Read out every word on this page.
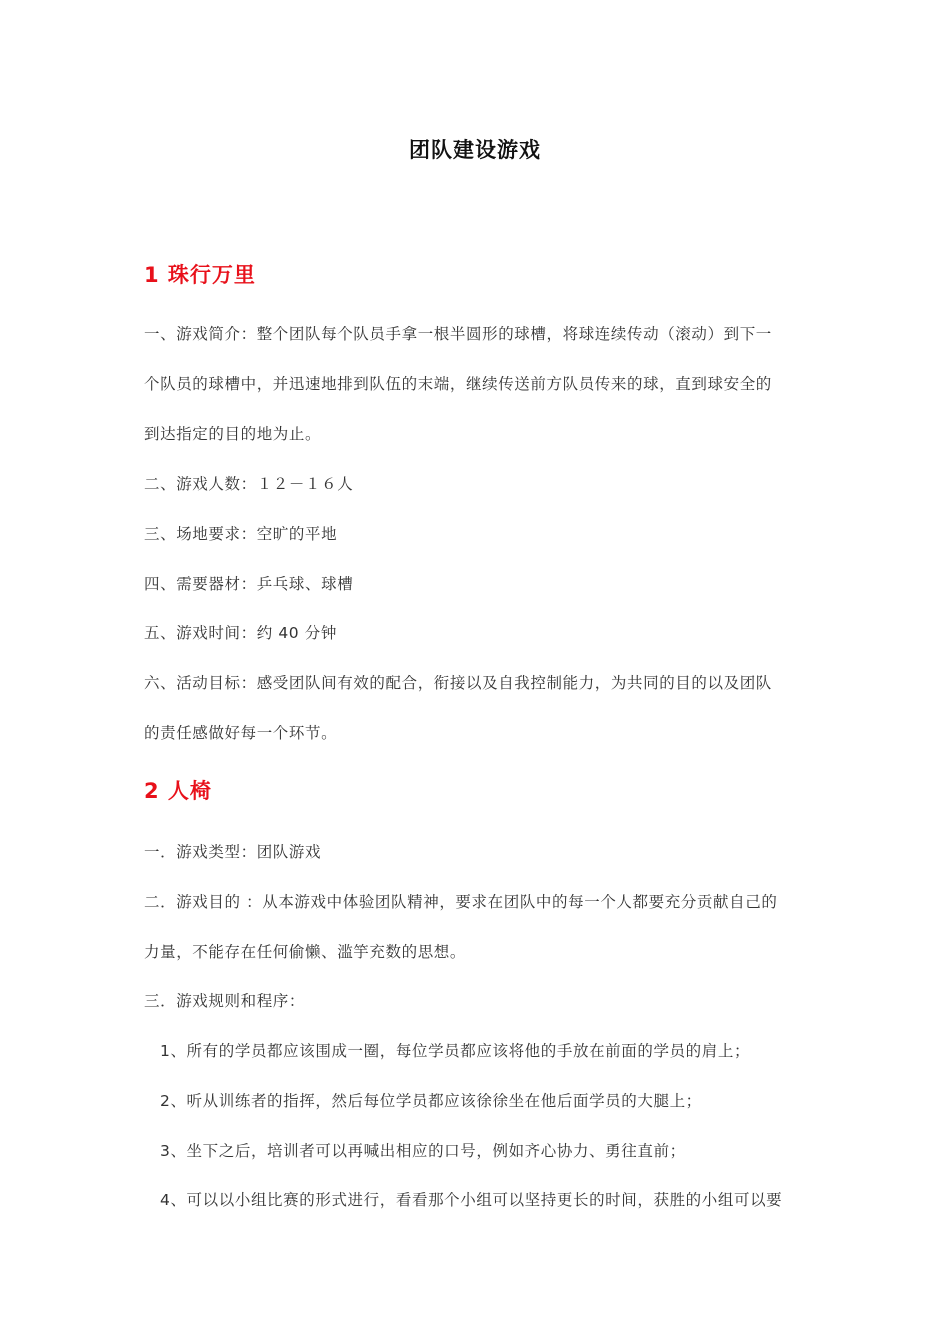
团队建设游戏
1 珠行万里
一、游戏简介：整个团队每个队员手拿一根半圆形的球槽，将球连续传动（滚动）到下一
个队员的球槽中，并迅速地排到队伍的末端，继续传送前方队员传来的球，直到球安全的
到达指定的目的地为止。
二、游戏人数：１２－１６人
三、场地要求：空旷的平地
四、需要器材：乒乓球、球槽
五、游戏时间：约 40 分钟
六、活动目标：感受团队间有效的配合，衔接以及自我控制能力，为共同的目的以及团队
的责任感做好每一个环节。
2 人椅
一．游戏类型：团队游戏
二．游戏目的 ：从本游戏中体验团队精神，要求在团队中的每一个人都要充分贡献自己的
力量，不能存在任何偷懒、滥竽充数的思想。
三．游戏规则和程序：
1、所有的学员都应该围成一圈，每位学员都应该将他的手放在前面的学员的肩上；
2、听从训练者的指挥，然后每位学员都应该徐徐坐在他后面学员的大腿上；
3、坐下之后，培训者可以再喊出相应的口号，例如齐心协力、勇往直前；
4、可以以小组比赛的形式进行，看看那个小组可以坚持更长的时间，获胜的小组可以要
